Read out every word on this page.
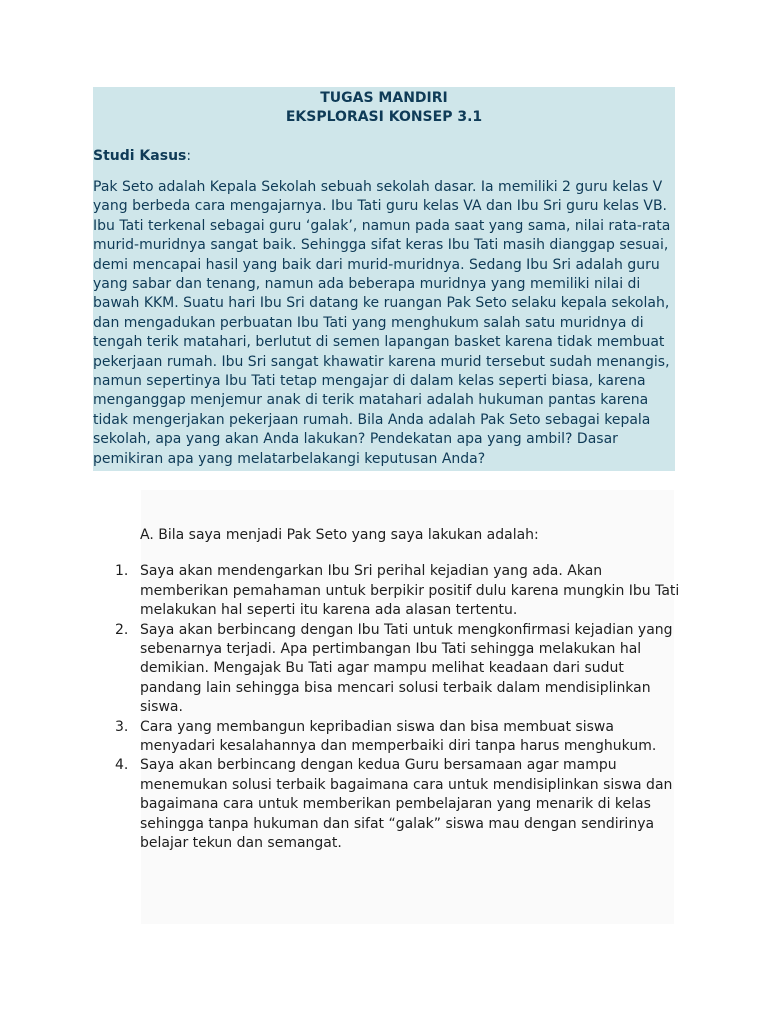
TUGAS MANDIRI

EKSPLORASI KONSEP 3.1

Studi Kasus:

Pak Seto adalah Kepala Sekolah sebuah sekolah dasar. Ia memiliki 2 guru kelas V yang berbeda cara mengajarnya. Ibu Tati guru kelas VA dan Ibu Sri guru kelas VB. Ibu Tati terkenal sebagai guru ‘galak’, namun pada saat yang sama, nilai rata-rata murid-muridnya sangat baik. Sehingga sifat keras Ibu Tati masih dianggap sesuai, demi mencapai hasil yang baik dari murid-muridnya. Sedang Ibu Sri adalah guru yang sabar dan tenang, namun ada beberapa muridnya yang memiliki nilai di bawah KKM. Suatu hari Ibu Sri datang ke ruangan Pak Seto selaku kepala sekolah, dan mengadukan perbuatan Ibu Tati yang menghukum salah satu muridnya di tengah terik matahari, berlutut di semen lapangan basket karena tidak membuat pekerjaan rumah. Ibu Sri sangat khawatir karena murid tersebut sudah menangis, namun sepertinya Ibu Tati tetap mengajar di dalam kelas seperti biasa, karena menganggap menjemur anak di terik matahari adalah hukuman pantas karena tidak mengerjakan pekerjaan rumah. Bila Anda adalah Pak Seto sebagai kepala sekolah, apa yang akan Anda lakukan? Pendekatan apa yang ambil? Dasar pemikiran apa yang melatarbelakangi keputusan Anda?

A. Bila saya menjadi Pak Seto yang saya lakukan adalah:

1. Saya akan mendengarkan Ibu Sri perihal kejadian yang ada. Akan memberikan pemahaman untuk berpikir positif dulu karena mungkin Ibu Tati melakukan hal seperti itu karena ada alasan tertentu.
2. Saya akan berbincang dengan Ibu Tati untuk mengkonfirmasi kejadian yang sebenarnya terjadi. Apa pertimbangan Ibu Tati sehingga melakukan hal demikian. Mengajak Bu Tati agar mampu melihat keadaan dari sudut pandang lain sehingga bisa mencari solusi terbaik dalam mendisiplinkan siswa.
3. Cara yang membangun kepribadian siswa dan bisa membuat siswa menyadari kesalahannya dan memperbaiki diri tanpa harus menghukum.
4. Saya akan berbincang dengan kedua Guru bersamaan agar mampu menemukan solusi terbaik bagaimana cara untuk mendisiplinkan siswa dan bagaimana cara untuk memberikan pembelajaran yang menarik di kelas sehingga tanpa hukuman dan sifat “galak” siswa mau dengan sendirinya belajar tekun dan semangat.
